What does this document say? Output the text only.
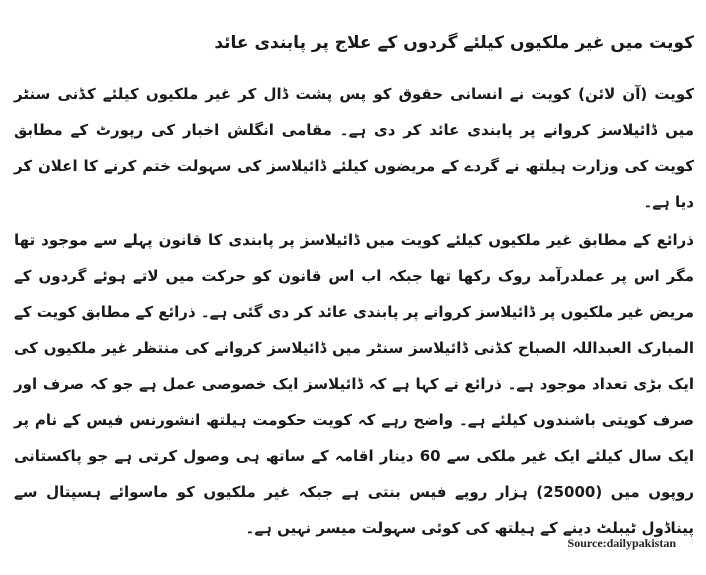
کویت میں غیر ملکیوں کیلئے گردوں کے علاج پر پابندی عائد

کویت (آن لائن) کویت نے انسانی حقوق کو پس پشت ڈال کر غیر ملکیوں کیلئے کڈنی سنٹر میں ڈائیلاسز کروانے پر پابندی عائد کر دی ہے۔ مقامی انگلش اخبار کی رپورٹ کے مطابق کویت کی وزارت ہیلتھ نے گردے کے مریضوں کیلئے ڈائیلاسز کی سہولت ختم کرنے کا اعلان کر دیا ہے۔

ذرائع کے مطابق غیر ملکیوں کیلئے کویت میں ڈائیلاسز پر پابندی کا قانون پہلے سے موجود تھا مگر اس پر عملدرآمد روک رکھا تھا جبکہ اب اس قانون کو حرکت میں لاتے ہوئے گردوں کے مریض غیر ملکیوں پر ڈائیلاسز کروانے پر پابندی عائد کر دی گئی ہے۔ ذرائع کے مطابق کویت کے المبارک العبداللہ الصباح کڈنی ڈائیلاسز سنٹر میں ڈائیلاسز کروانے کی منتظر غیر ملکیوں کی ایک بڑی تعداد موجود ہے۔ ذرائع نے کہا ہے کہ ڈائیلاسز ایک خصوصی عمل ہے جو کہ صرف اور صرف کویتی باشندوں کیلئے ہے۔ واضح رہے کہ کویت حکومت ہیلتھ انشورنس فیس کے نام پر ایک سال کیلئے ایک غیر ملکی سے 60 دینار اقامہ کے ساتھ ہی وصول کرتی ہے جو پاکستانی روپوں میں (25000) ہزار روپے فیس بنتی ہے جبکہ غیر ملکیوں کو ماسوائے ہسپتال سے پیناڈول ٹیبلٹ دینے کے ہیلتھ کی کوئی سہولت میسر نہیں ہے۔

Source:dailypakistan
